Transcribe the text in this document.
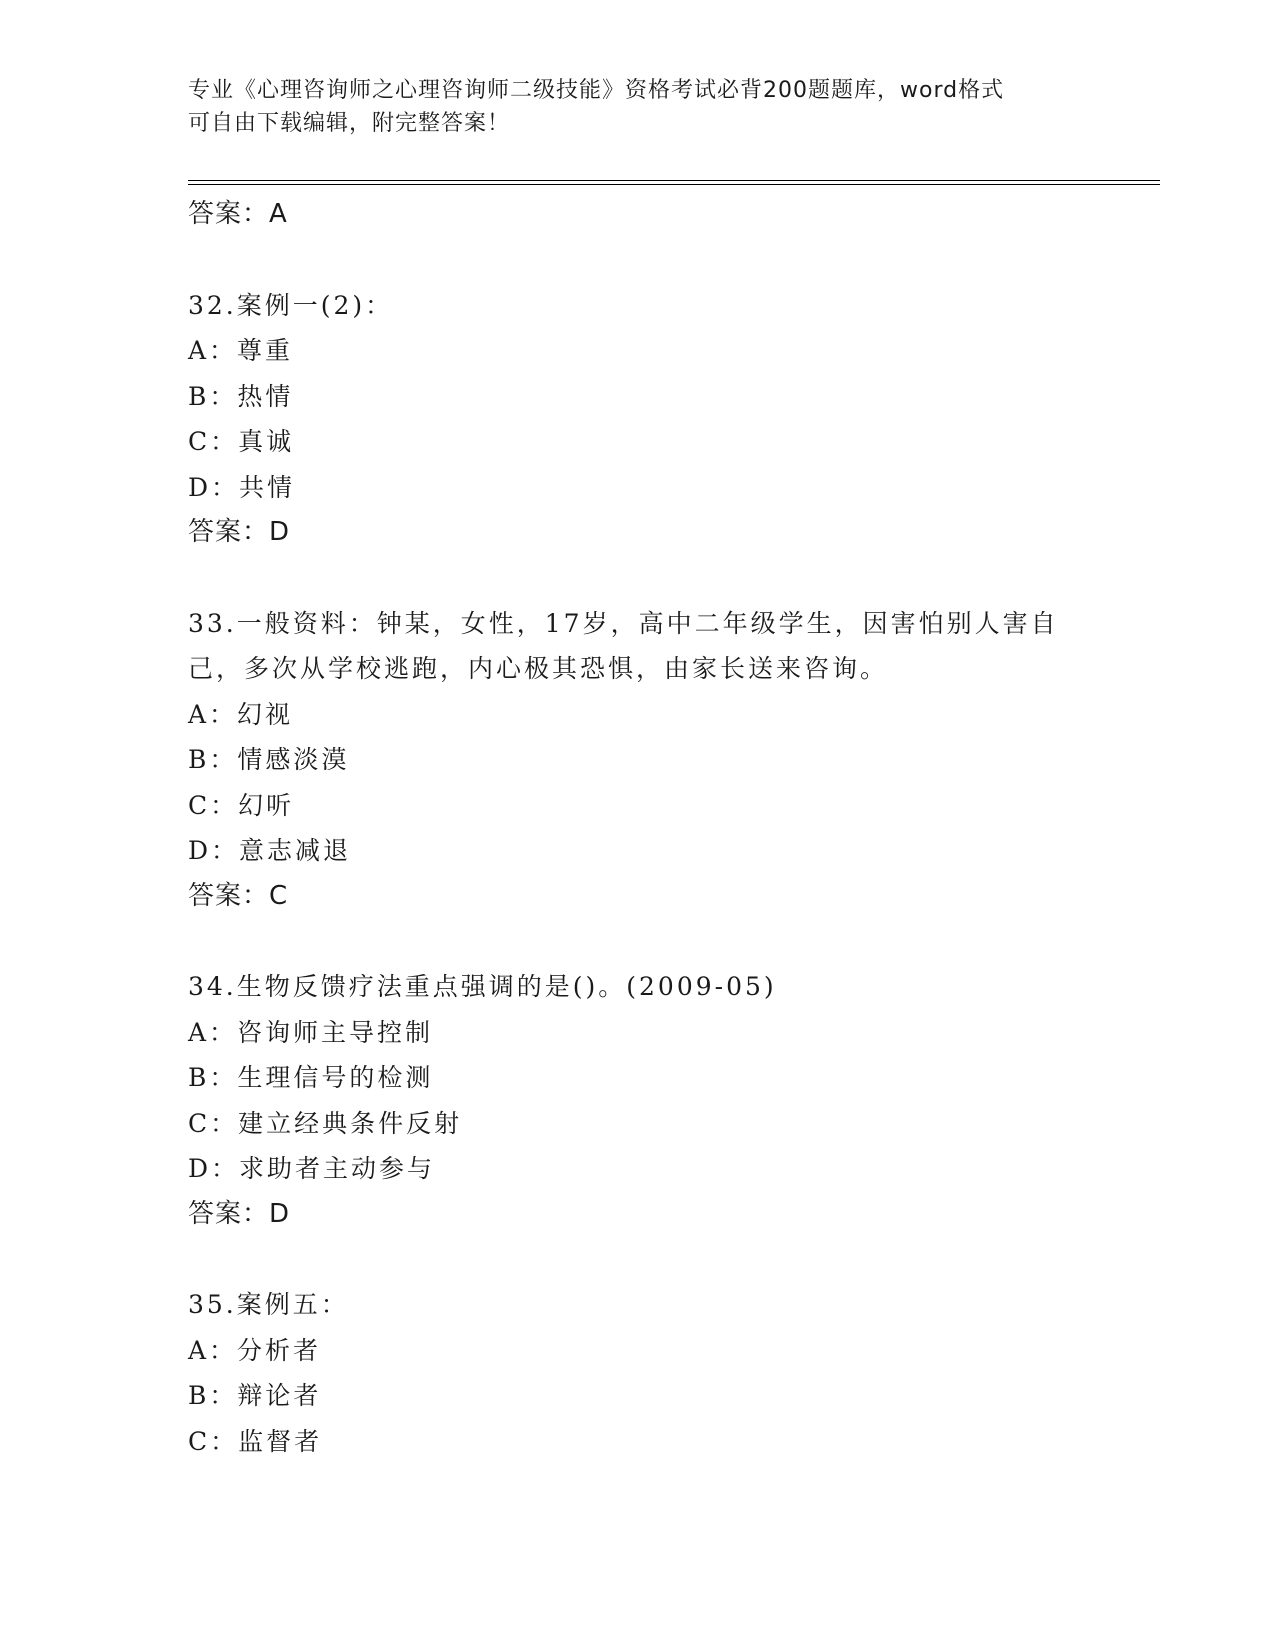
专业《心理咨询师之心理咨询师二级技能》资格考试必背200题题库，word格式
可自由下载编辑，附完整答案！
答案：A
32.案例一(2)：
A：尊重
B：热情
C：真诚
D：共情
答案：D
33.一般资料：钟某，女性，17岁，高中二年级学生，因害怕别人害自己，多次从学校逃跑，内心极其恐惧，由家长送来咨询。
A：幻视
B：情感淡漠
C：幻听
D：意志减退
答案：C
34.生物反馈疗法重点强调的是()。(2009-05)
A：咨询师主导控制
B：生理信号的检测
C：建立经典条件反射
D：求助者主动参与
答案：D
35.案例五：
A：分析者
B：辩论者
C：监督者
